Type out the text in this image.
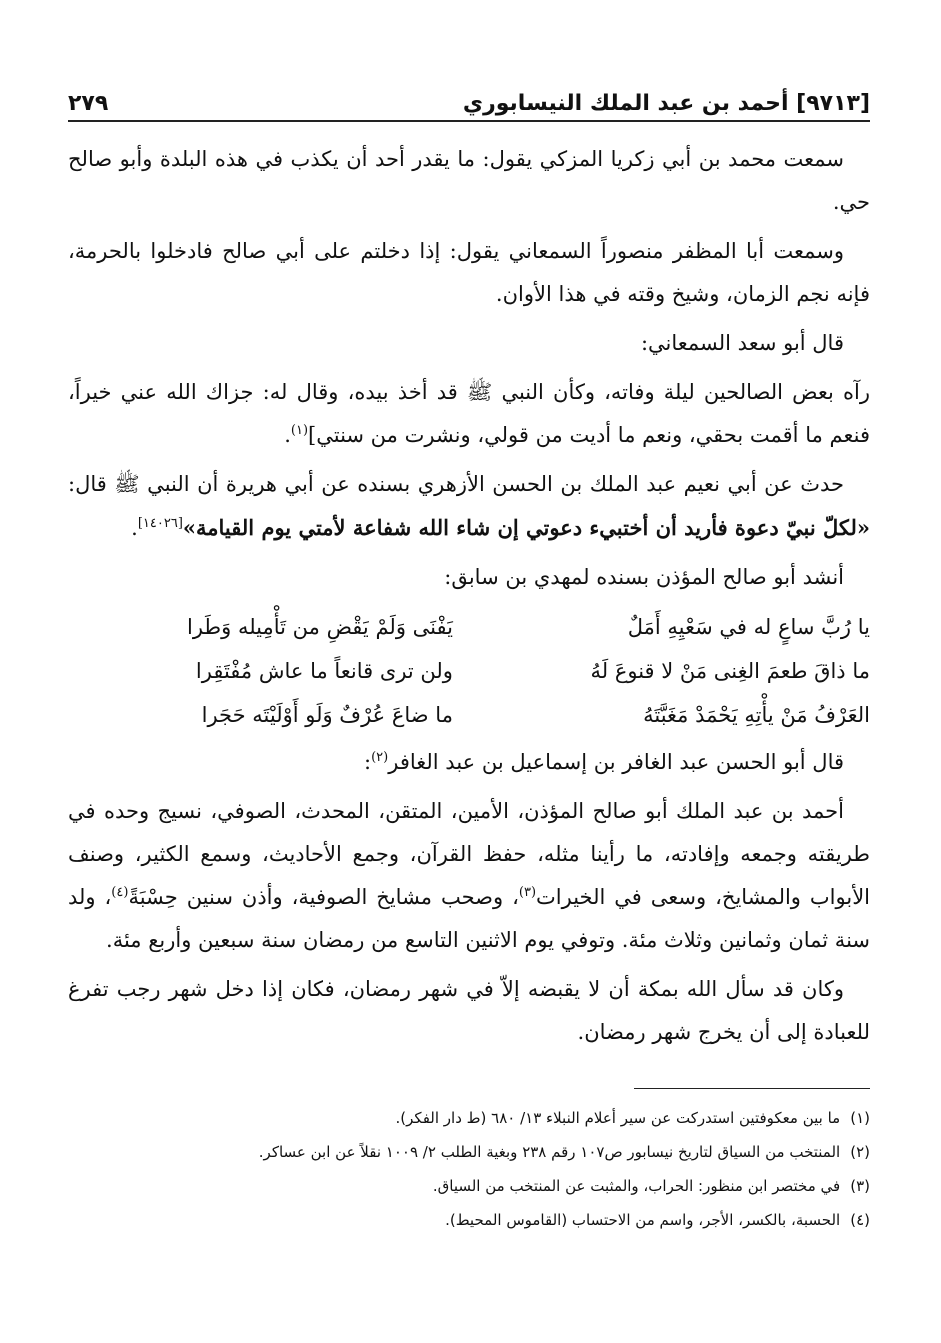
[٩٧١٣] أحمد بن عبد الملك النيسابوري
٢٧٩

سمعت محمد بن أبي زكريا المزكي يقول: ما يقدر أحد أن يكذب في هذه البلدة وأبو صالح حي.

وسمعت أبا المظفر منصوراً السمعاني يقول: إذا دخلتم على أبي صالح فادخلوا بالحرمة، فإنه نجم الزمان، وشيخ وقته في هذا الأوان.

قال أبو سعد السمعاني:

رآه بعض الصالحين ليلة وفاته، وكأن النبي ﷺ قد أخذ بيده، وقال له: جزاك الله عني خيراً، فنعم ما أقمت بحقي، ونعم ما أديت من قولي، ونشرت من سنتي]$^{(١)}$.

حدث عن أبي نعيم عبد الملك بن الحسن الأزهري بسنده عن أبي هريرة أن النبي ﷺ قال: «لكلّ نبيّ دعوة فأريد أن أختبيء دعوتي إن شاء الله شفاعة لأمتي يوم القيامة»[١٤٠٢٦].

أنشد أبو صالح المؤذن بسنده لمهدي بن سابق:

يا رُبَّ ساعٍ له في سَعْيِهِ أَمَلٌ
يَفْنَى وَلَمْ يَقْضِ من تَأْمِيله وَطَرا
ما ذاقَ طعمَ الغِنى مَنْ لا قنوعَ لَهُ
ولن ترى قانعاً ما عاش مُفْتَقِرا
العَرْفُ مَنْ يأْتِهِ يَحْمَدْ مَغَبَّتَهُ
ما ضاعَ عُرْفٌ وَلَو أَوْلَيْتَه حَجَرا

قال أبو الحسن عبد الغافر بن إسماعيل بن عبد الغافر$^{(٢)}$:

أحمد بن عبد الملك أبو صالح المؤذن، الأمين، المتقن، المحدث، الصوفي، نسيج وحده في طريقته وجمعه وإفادته، ما رأينا مثله، حفظ القرآن، وجمع الأحاديث، وسمع الكثير، وصنف الأبواب والمشايخ، وسعى في الخيرات$^{(٣)}$، وصحب مشايخ الصوفية، وأذن سنين حِسْبَةً$^{(٤)}$، ولد سنة ثمان وثمانين وثلاث مئة. وتوفي يوم الاثنين التاسع من رمضان سنة سبعين وأربع مئة.

وكان قد سأل الله بمكة أن لا يقبضه إلاّ في شهر رمضان، فكان إذا دخل شهر رجب تفرغ للعبادة إلى أن يخرج شهر رمضان.

(١)
ما بين معكوفتين استدركت عن سير أعلام النبلاء ١٣/ ٦٨٠ (ط دار الفكر).
(٢)
المنتخب من السياق لتاريخ نيسابور ص١٠٧ رقم ٢٣٨ وبغية الطلب ٢/ ١٠٠٩ نقلاً عن ابن عساكر.
(٣)
في مختصر ابن منظور: الحراب، والمثبت عن المنتخب من السياق.
(٤)
الحسبة، بالكسر، الأجر، واسم من الاحتساب (القاموس المحيط).
